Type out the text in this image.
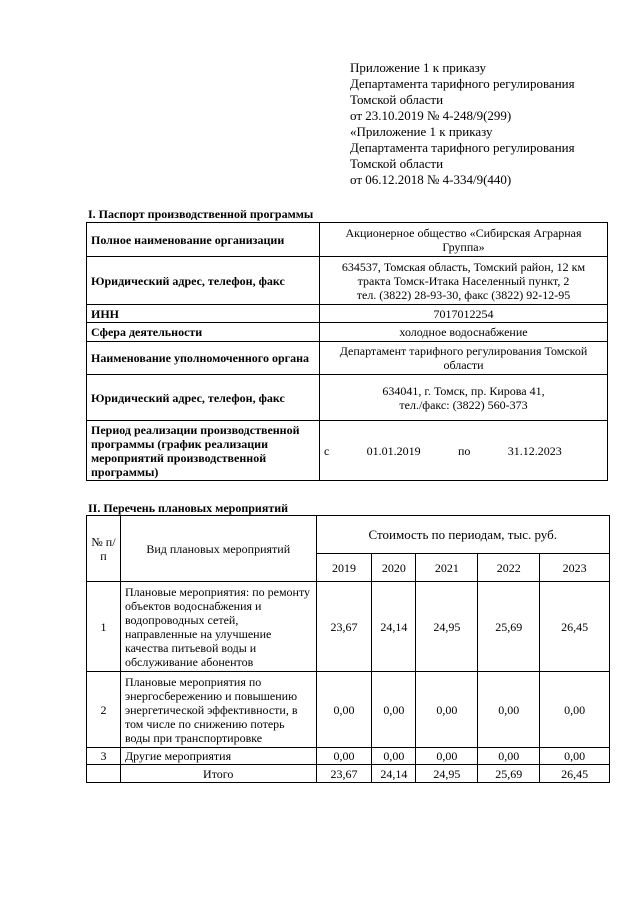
Приложение 1 к приказу
Департамента тарифного регулирования
Томской области
от 23.10.2019 № 4-248/9(299)
«Приложение 1 к приказу
Департамента тарифного регулирования
Томской области
от 06.12.2018 № 4-334/9(440)
I. Паспорт производственной программы
Полное наименование организации	Акционерное общество «Сибирская Аграрная
Группа»

Юридический адрес, телефон, факс	634537, Томская область, Томский район, 12 км
тракта Томск-Итака Населенный пункт, 2
тел. (3822) 28-93-30, факс (3822) 92-12-95

ИНН	7017012254

Сфера деятельности	холодное водоснабжение

Наименование уполномоченного органа	Департамент тарифного регулирования Томской
области

Юридический адрес, телефон, факс	634041, г. Томск, пр. Кирова 41,
тел./факс: (3822) 560-373

Период реализации производственной программы (график реализации мероприятий производственной программы)	с 01.01.2019 по 31.12.2023
II. Перечень плановых мероприятий
№ п/п	Вид плановых мероприятий	Стоимость по периодам, тыс. руб.				
		2019	2020	2021	2022	2023
1	Плановые мероприятия: по ремонту объектов водоснабжения и водопроводных сетей, направленные на улучшение качества питьевой воды и обслуживание абонентов	23,67	24,14	24,95	25,69	26,45
2	Плановые мероприятия по энергосбережению и повышению энергетической эффективности, в том числе по снижению потерь воды при транспортировке	0,00	0,00	0,00	0,00	0,00
3	Другие мероприятия	0,00	0,00	0,00	0,00	0,00
	Итого	23,67	24,14	24,95	25,69	26,45
